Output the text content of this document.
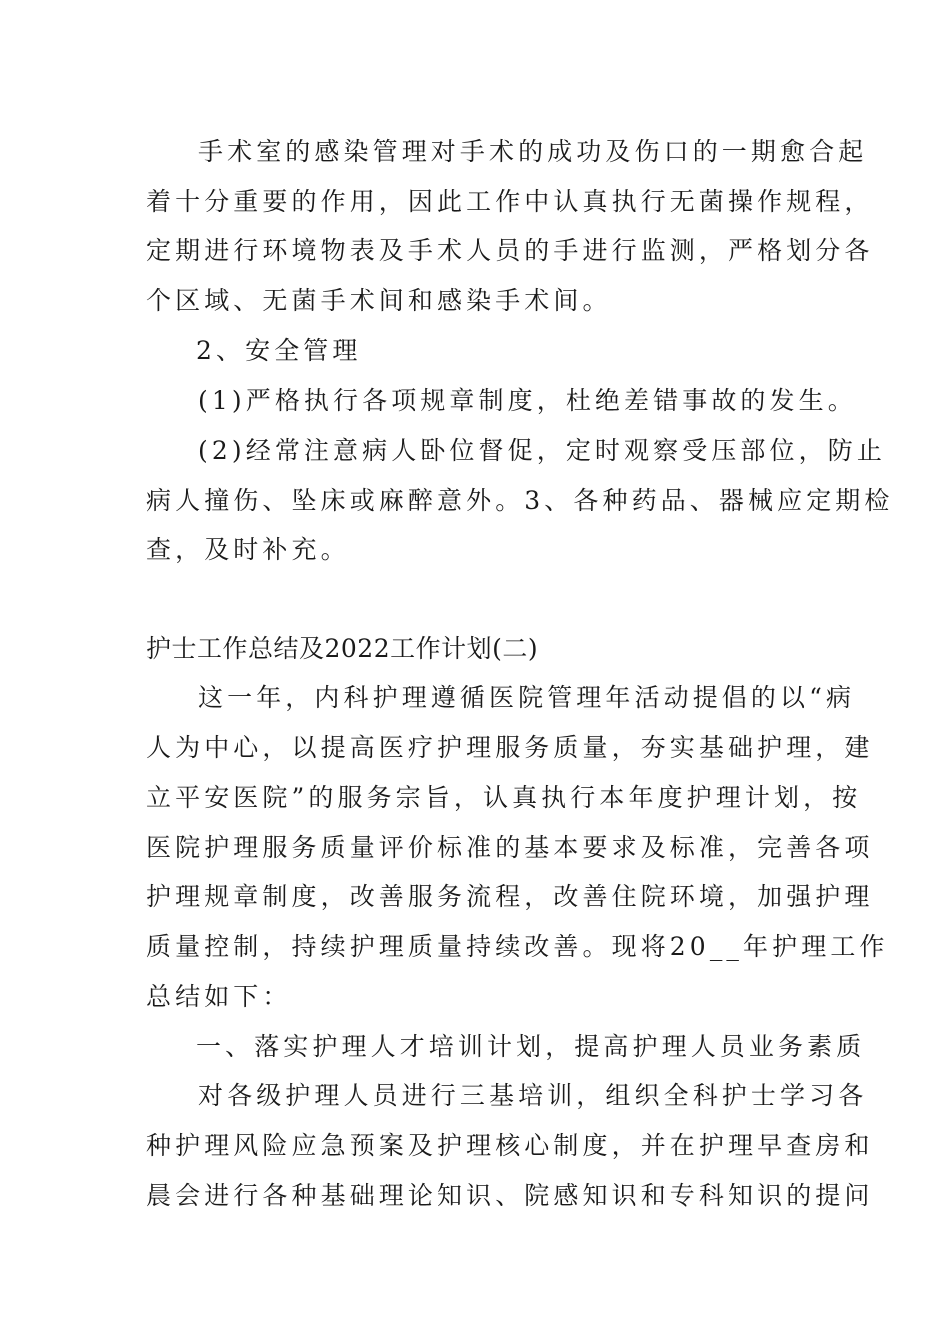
手术室的感染管理对手术的成功及伤口的一期愈合起
着十分重要的作用，因此工作中认真执行无菌操作规程，
定期进行环境物表及手术人员的手进行监测，严格划分各
个区域、无菌手术间和感染手术间。
2、安全管理
(1)严格执行各项规章制度，杜绝差错事故的发生。
(2)经常注意病人卧位督促，定时观察受压部位，防止
病人撞伤、坠床或麻醉意外。3、各种药品、器械应定期检
查，及时补充。
护士工作总结及2022工作计划(二)
这一年，内科护理遵循医院管理年活动提倡的以“病
人为中心，以提高医疗护理服务质量，夯实基础护理，建
立平安医院”的服务宗旨，认真执行本年度护理计划，按
医院护理服务质量评价标准的基本要求及标准，完善各项
护理规章制度，改善服务流程，改善住院环境，加强护理
质量控制，持续护理质量持续改善。现将20__年护理工作
总结如下：
一、落实护理人才培训计划，提高护理人员业务素质
对各级护理人员进行三基培训，组织全科护士学习各
种护理风险应急预案及护理核心制度，并在护理早查房和
晨会进行各种基础理论知识、院感知识和专科知识的提问
